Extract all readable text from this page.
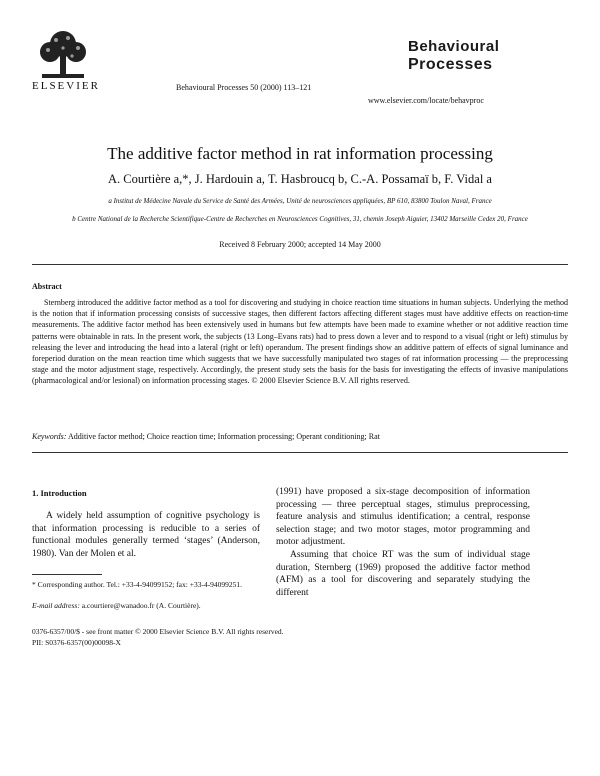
ELSEVIER	Behavioural Processes 50 (2000) 113–121
Behavioural
Processes
www.elsevier.com/locate/behavproc
The additive factor method in rat information processing
A. Courtière a,*, J. Hardouin a, T. Hasbroucq b, C.-A. Possamaï b, F. Vidal a
a Institut de Médecine Navale du Service de Santé des Armées, Unité de neurosciences appliquées, BP 610, 83800 Toulon Naval, France
b Centre National de la Recherche Scientifique-Centre de Recherches en Neurosciences Cognitives, 31, chemin Joseph Aiguier, 13402 Marseille Cedex 20, France
Received 8 February 2000; accepted 14 May 2000
Abstract
Sternberg introduced the additive factor method as a tool for discovering and studying in choice reaction time situations in human subjects. Underlying the method is the notion that if information processing consists of successive stages, then different factors affecting different stages must have additive effects on reaction-time measurements. The additive factor method has been extensively used in humans but few attempts have been made to examine whether or not additive reaction time patterns were obtainable in rats. In the present work, the subjects (13 Long–Evans rats) had to press down a lever and to respond to a visual (right or left) stimulus by releasing the lever and introducing the head into a lateral (right or left) operandum. The present findings show an additive pattern of effects of signal luminance and foreperiod duration on the mean reaction time which suggests that we have successfully manipulated two stages of rat information processing — the preprocessing stage and the motor adjustment stage, respectively. Accordingly, the present study sets the basis for the basis for investigating the effects of invasive manipulations (pharmacological and/or lesional) on information processing stages. © 2000 Elsevier Science B.V. All rights reserved.
Keywords: Additive factor method; Choice reaction time; Information processing; Operant conditioning; Rat
1. Introduction

A widely held assumption of cognitive psychology is that information processing is reducible to a series of functional modules generally termed ‘stages’ (Anderson, 1980). Van der Molen et al.

(1991) have proposed a six-stage decomposition of information processing — three perceptual stages, stimulus preprocessing, feature analysis and stimulus identification; a central, response selection stage; and two motor stages, motor programming and motor adjustment.

Assuming that choice RT was the sum of individual stage duration, Sternberg (1969) proposed the additive factor method (AFM) as a tool for discovering and separately studying the different

* Corresponding author. Tel.: +33-4-94099152; fax: +33-4-94099251.
E-mail address: a.courtiere@wanadoo.fr (A. Courtière).
0376-6357/00/$ - see front matter © 2000 Elsevier Science B.V. All rights reserved.
PII: S0376-6357(00)00098-X
